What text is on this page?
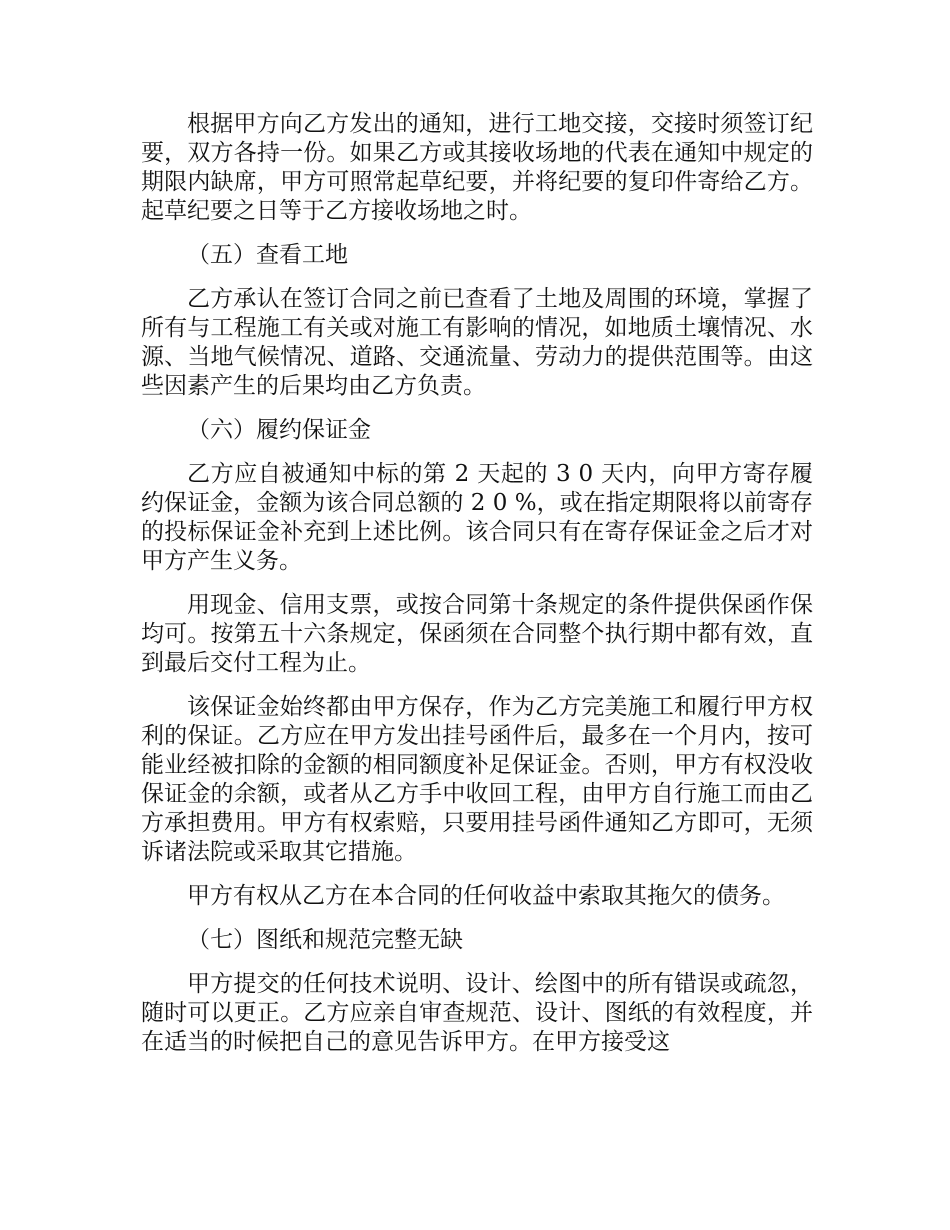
根据甲方向乙方发出的通知，进行工地交接，交接时须签订纪要，双方各持一份。如果乙方或其接收场地的代表在通知中规定的期限内缺席，甲方可照常起草纪要，并将纪要的复印件寄给乙方。起草纪要之日等于乙方接收场地之时。

（五）查看工地

乙方承认在签订合同之前已查看了土地及周围的环境，掌握了所有与工程施工有关或对施工有影响的情况，如地质土壤情况、水源、当地气候情况、道路、交通流量、劳动力的提供范围等。由这些因素产生的后果均由乙方负责。

（六）履约保证金

乙方应自被通知中标的第 2 天起的 3 0 天内，向甲方寄存履约保证金，金额为该合同总额的 2 0 %，或在指定期限将以前寄存的投标保证金补充到上述比例。该合同只有在寄存保证金之后才对甲方产生义务。

用现金、信用支票，或按合同第十条规定的条件提供保函作保均可。按第五十六条规定，保函须在合同整个执行期中都有效，直到最后交付工程为止。

该保证金始终都由甲方保存，作为乙方完美施工和履行甲方权利的保证。乙方应在甲方发出挂号函件后，最多在一个月内，按可能业经被扣除的金额的相同额度补足保证金。否则，甲方有权没收保证金的余额，或者从乙方手中收回工程，由甲方自行施工而由乙方承担费用。甲方有权索赔，只要用挂号函件通知乙方即可，无须诉诸法院或采取其它措施。

甲方有权从乙方在本合同的任何收益中索取其拖欠的债务。

（七）图纸和规范完整无缺

甲方提交的任何技术说明、设计、绘图中的所有错误或疏忽，随时可以更正。乙方应亲自审查规范、设计、图纸的有效程度，并在适当的时候把自己的意见告诉甲方。在甲方接受这
